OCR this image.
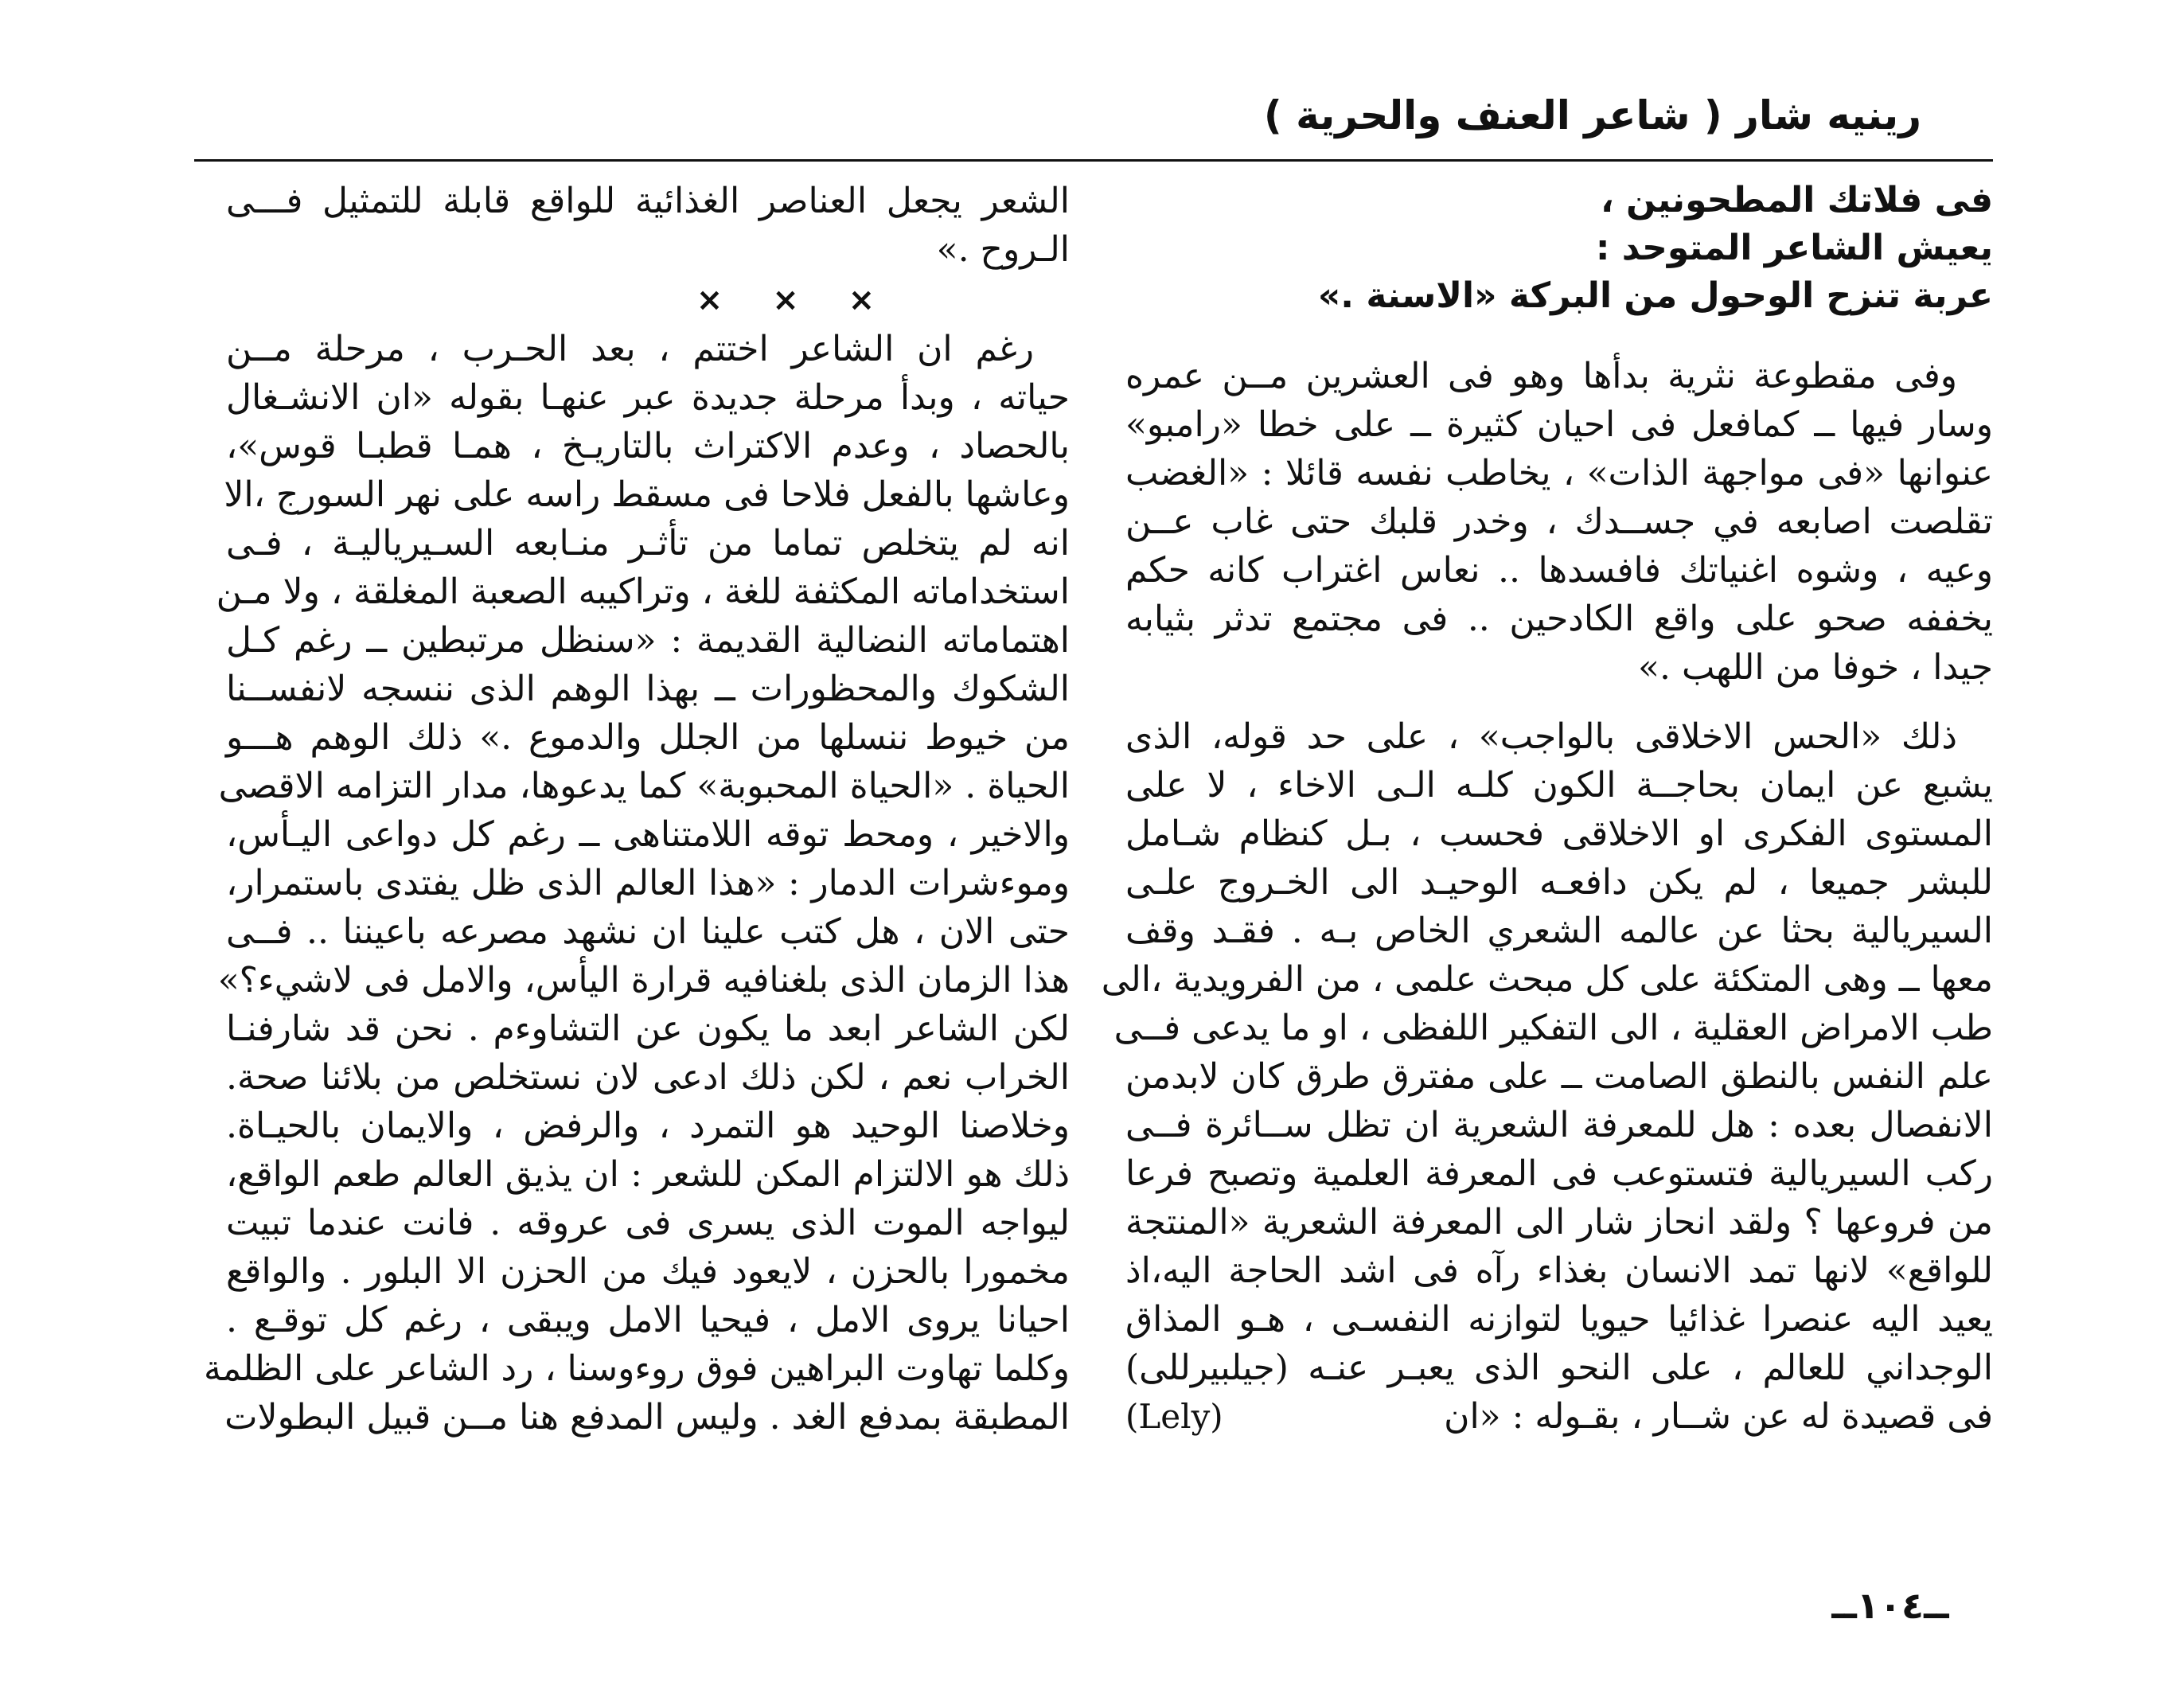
رينيه شار ( شاعر العنف والحرية )
فى فلاتك المطحونين ،
يعيش الشاعر المتوحد :
عربة تنزح الوحول من البركة «الاسنة .»
وفى مقطوعة نثرية بدأها وهو فى العشرين مــن عمره
وسار فيها ــ كمافعل فى احيان كثيرة ــ على خطا «رامبو»
عنوانها «فى مواجهة الذات» ، يخاطب نفسه قائلا : «الغضب
تقلصت اصابعه في جســدك ، وخدر قلبك حتى غاب عــن
وعيه ، وشوه اغنياتك فافسدها .. نعاس اغتراب كانه حكم
يخففه صحو على واقع الكادحين .. فى مجتمع تدثر بثيابه
جيدا ، خوفا من اللهب .»
ذلك «الحس الاخلاقى بالواجب» ، على حد قوله، الذى
يشبع عن ايمان بحاجــة الكون كلـه الـى الاخاء ، لا على
المستوى الفكرى او الاخلاقى فحسب ، بـل كنظام شـامل
للبشر جميعا ، لم يكن دافعـه الوحيـد الى الخـروج علـى
السيريالية بحثا عن عالمه الشعري الخاص بـه . فقـد وقف
معها ــ وهى المتكئة على كل مبحث علمى ، من الفرويدية ،الى
طب الامراض العقلية ، الى التفكير اللفظى ، او ما يدعى فــى
علم النفس بالنطق الصامت ــ على مفترق طرق كان لابدمن
الانفصال بعده : هل للمعرفة الشعرية ان تظل ســائرة فــى
ركب السيريالية فتستوعب فى المعرفة العلمية وتصبح فرعا
من فروعها ؟ ولقد انحاز شار الى المعرفة الشعرية «المنتجة
للواقع» لانها تمد الانسان بغذاء رآه فى اشد الحاجة اليه،اذ
يعيد اليه عنصرا غذائيا حيويا لتوازنه النفسـى ، هـو المذاق
الوجداني للعالم ، على النحو الذى يعبـر عنـه (جيلبيرللى)
فى قصيدة له عن شــار ، بقـوله : «ان
(Lely)
الشعر يجعل العناصر الغذائية للواقع قابلة للتمثيل فـــى
الـروح .»
× × ×
رغم ان الشاعر اختتم ، بعد الحـرب ، مرحلة مــن
حياته ، وبدأ مرحلة جديدة عبر عنهـا بقوله «ان الانشـغال
بالحصاد ، وعدم الاكتراث بالتاريـخ ، همـا قطبـا قوس»،
وعاشها بالفعل فلاحا فى مسقط راسه على نهر السورج ،الا
انه لم يتخلص تماما من تأثـر منـابعه السـيرياليـة ، فـى
استخداماته المكثفة للغة ، وتراكيبه الصعبة المغلقة ، ولا مـن
اهتماماته النضالية القديمة : «سنظل مرتبطين ــ رغم كـل
الشكوك والمحظورات ــ بهذا الوهم الذى ننسجه لانفســنا
من خيوط ننسلها من الجلل والدموع .» ذلك الوهم هـــو
الحياة . «الحياة المحبوبة» كما يدعوها، مدار التزامه الاقصى
والاخير ، ومحط توقه اللامتناهى ــ رغم كل دواعى اليـأس،
وموءشرات الدمار : «هذا العالم الذى ظل يفتدى باستمرار،
حتى الان ، هل كتب علينا ان نشهد مصرعه باعيننا .. فــى
هذا الزمان الذى بلغنافيه قرارة اليأس، والامل فى لاشيء؟»
لكن الشاعر ابعد ما يكون عن التشاوءم . نحن قد شارفنـا
الخراب نعم ، لكن ذلك ادعى لان نستخلص من بلائنا صحة.
وخلاصنا الوحيد هو التمرد ، والرفض ، والايمان بالحيـاة.
ذلك هو الالتزام المكن للشعر : ان يذيق العالم طعم الواقع،
ليواجه الموت الذى يسرى فى عروقه . فانت عندما تبيت
مخمورا بالحزن ، لايعود فيك من الحزن الا البلور . والواقع
احيانا يروى الامل ، فيحيا الامل ويبقى ، رغم كل توقـع .
وكلما تهاوت البراهين فوق روءوسنا ، رد الشاعر على الظلمة
المطبقة بمدفع الغد . وليس المدفع هنا مــن قبيل البطولات
ــ١٠٤ــ
